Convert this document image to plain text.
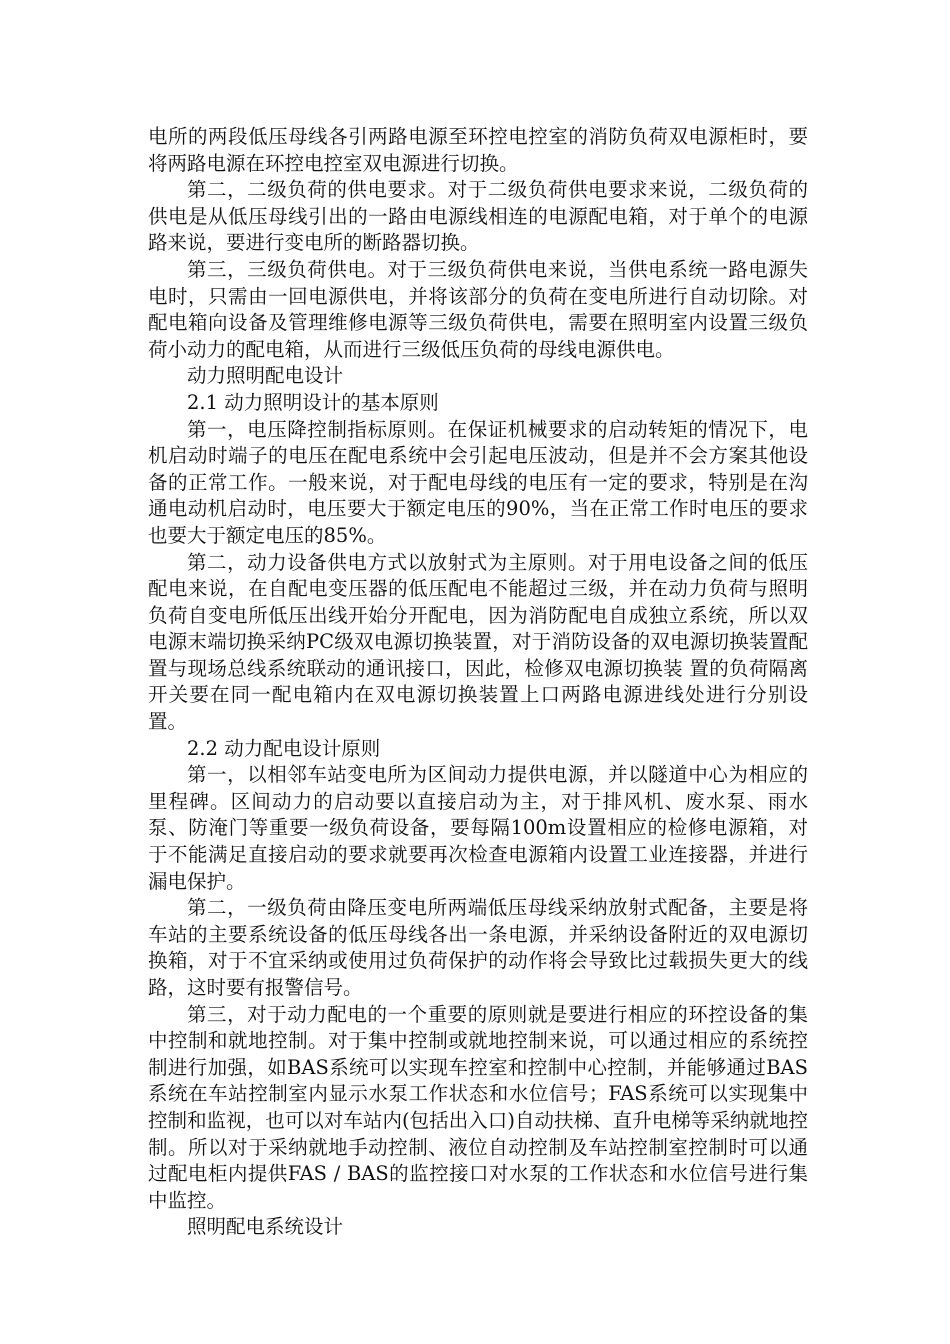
电所的两段低压母线各引两路电源至环控电控室的消防负荷双电源柜时，要将两路电源在环控电控室双电源进行切换。

第二，二级负荷的供电要求。对于二级负荷供电要求来说，二级负荷的供电是从低压母线引出的一路由电源线相连的电源配电箱，对于单个的电源路来说，要进行变电所的断路器切换。

第三，三级负荷供电。对于三级负荷供电来说，当供电系统一路电源失电时，只需由一回电源供电，并将该部分的负荷在变电所进行自动切除。对配电箱向设备及管理维修电源等三级负荷供电，需要在照明室内设置三级负荷小动力的配电箱，从而进行三级低压负荷的母线电源供电。

动力照明配电设计

2.1 动力照明设计的基本原则

第一，电压降控制指标原则。在保证机械要求的启动转矩的情况下，电机启动时端子的电压在配电系统中会引起电压波动，但是并不会方案其他设备的正常工作。一般来说，对于配电母线的电压有一定的要求，特别是在沟通电动机启动时，电压要大于额定电压的90%，当在正常工作时电压的要求也要大于额定电压的85%。

第二，动力设备供电方式以放射式为主原则。对于用电设备之间的低压配电来说，在自配电变压器的低压配电不能超过三级，并在动力负荷与照明负荷自变电所低压出线开始分开配电，因为消防配电自成独立系统，所以双电源末端切换采纳PC级双电源切换装置，对于消防设备的双电源切换装置配置与现场总线系统联动的通讯接口，因此，检修双电源切换装 置的负荷隔离开关要在同一配电箱内在双电源切换装置上口两路电源进线处进行分别设置。

2.2 动力配电设计原则

第一，以相邻车站变电所为区间动力提供电源，并以隧道中心为相应的里程碑。区间动力的启动要以直接启动为主，对于排风机、废水泵、雨水泵、防淹门等重要一级负荷设备，要每隔100m设置相应的检修电源箱，对于不能满足直接启动的要求就要再次检查电源箱内设置工业连接器，并进行漏电保护。

第二，一级负荷由降压变电所两端低压母线采纳放射式配备，主要是将车站的主要系统设备的低压母线各出一条电源，并采纳设备附近的双电源切换箱，对于不宜采纳或使用过负荷保护的动作将会导致比过载损失更大的线路，这时要有报警信号。

第三，对于动力配电的一个重要的原则就是要进行相应的环控设备的集中控制和就地控制。对于集中控制或就地控制来说，可以通过相应的系统控制进行加强，如BAS系统可以实现车控室和控制中心控制，并能够通过BAS系统在车站控制室内显示水泵工作状态和水位信号；FAS系统可以实现集中控制和监视，也可以对车站内(包括出入口)自动扶梯、直升电梯等采纳就地控制。所以对于采纳就地手动控制、液位自动控制及车站控制室控制时可以通过配电柜内提供FAS / BAS的监控接口对水泵的工作状态和水位信号进行集中监控。

照明配电系统设计
